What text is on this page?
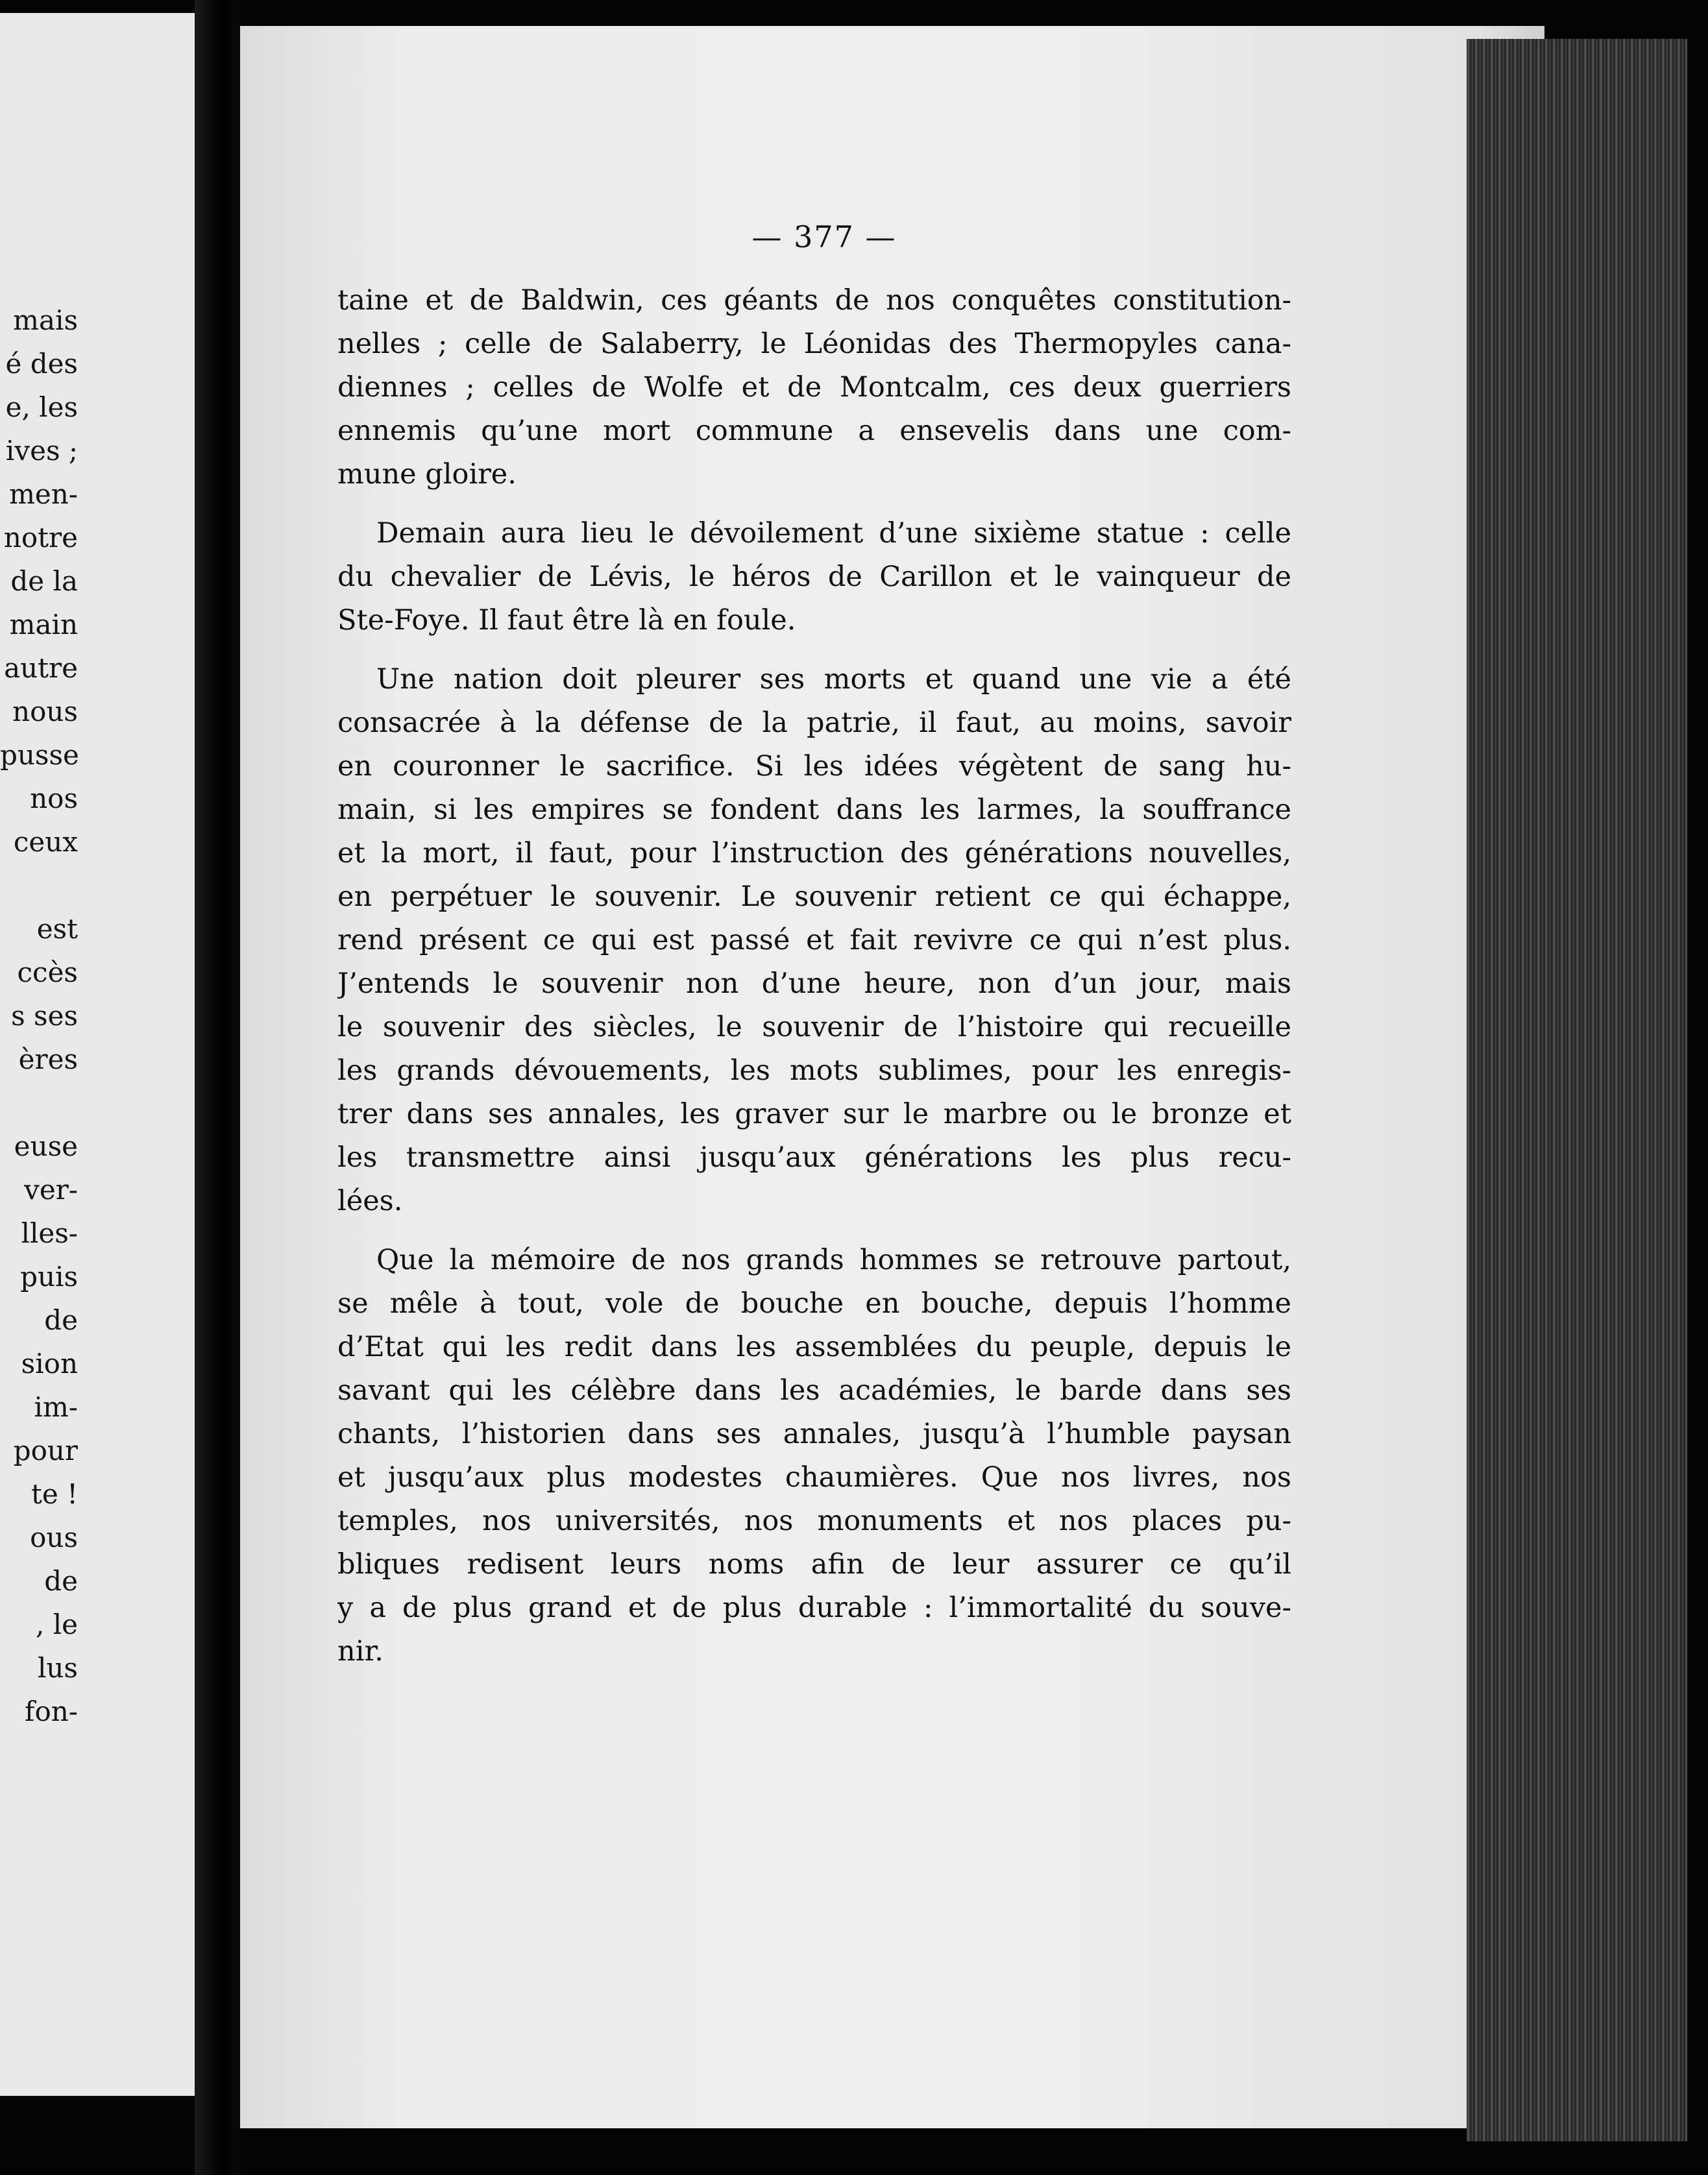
mais
é des
e, les
ives ;
men-
notre
de la
main
autre
nous
pusse
nos
ceux
est
ccès
s ses
ères
euse
ver-
lles-
puis
de
sion
im-
pour
te !
ous
de
, le
lus
fon-
— 377 —
taine et de Baldwin, ces géants de nos conquêtes constitution-
nelles ; celle de Salaberry, le Léonidas des Thermopyles cana-
diennes ; celles de Wolfe et de Montcalm, ces deux guerriers
ennemis qu’une mort commune a ensevelis dans une com-
mune gloire.
Demain aura lieu le dévoilement d’une sixième statue : celle
du chevalier de Lévis, le héros de Carillon et le vainqueur de
Ste-Foye. Il faut être là en foule.
Une nation doit pleurer ses morts et quand une vie a été
consacrée à la défense de la patrie, il faut, au moins, savoir
en couronner le sacrifice. Si les idées végètent de sang hu-
main, si les empires se fondent dans les larmes, la souffrance
et la mort, il faut, pour l’instruction des générations nouvelles,
en perpétuer le souvenir. Le souvenir retient ce qui échappe,
rend présent ce qui est passé et fait revivre ce qui n’est plus.
J’entends le souvenir non d’une heure, non d’un jour, mais
le souvenir des siècles, le souvenir de l’histoire qui recueille
les grands dévouements, les mots sublimes, pour les enregis-
trer dans ses annales, les graver sur le marbre ou le bronze et
les transmettre ainsi jusqu’aux générations les plus recu-
lées.
Que la mémoire de nos grands hommes se retrouve partout,
se mêle à tout, vole de bouche en bouche, depuis l’homme
d’Etat qui les redit dans les assemblées du peuple, depuis le
savant qui les célèbre dans les académies, le barde dans ses
chants, l’historien dans ses annales, jusqu’à l’humble paysan
et jusqu’aux plus modestes chaumières. Que nos livres, nos
temples, nos universités, nos monuments et nos places pu-
bliques redisent leurs noms afin de leur assurer ce qu’il
y a de plus grand et de plus durable : l’immortalité du souve-
nir.
